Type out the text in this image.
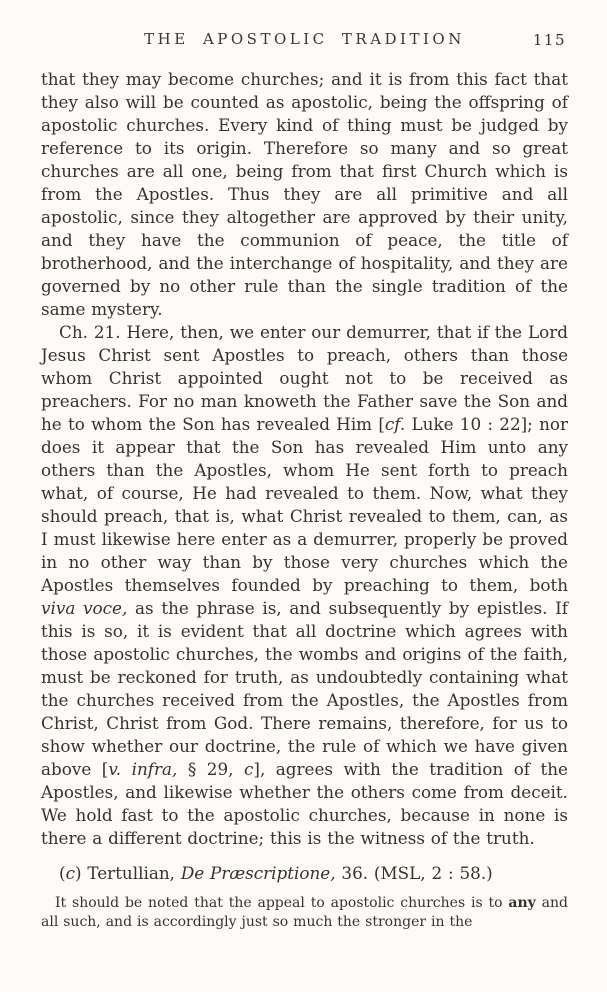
THE APOSTOLIC TRADITION	115

that they may become churches; and it is from this fact that they also will be counted as apostolic, being the offspring of apostolic churches. Every kind of thing must be judged by reference to its origin. Therefore so many and so great churches are all one, being from that first Church which is from the Apostles. Thus they are all primitive and all apostolic, since they altogether are approved by their unity, and they have the communion of peace, the title of brotherhood, and the interchange of hospitality, and they are governed by no other rule than the single tradition of the same mystery.

Ch. 21. Here, then, we enter our demurrer, that if the Lord Jesus Christ sent Apostles to preach, others than those whom Christ appointed ought not to be received as preachers. For no man knoweth the Father save the Son and he to whom the Son has revealed Him [cf. Luke 10 : 22]; nor does it appear that the Son has revealed Him unto any others than the Apostles, whom He sent forth to preach what, of course, He had revealed to them. Now, what they should preach, that is, what Christ revealed to them, can, as I must likewise here enter as a demurrer, properly be proved in no other way than by those very churches which the Apostles themselves founded by preaching to them, both viva voce, as the phrase is, and subsequently by epistles. If this is so, it is evident that all doctrine which agrees with those apostolic churches, the wombs and origins of the faith, must be reckoned for truth, as undoubtedly containing what the churches received from the Apostles, the Apostles from Christ, Christ from God. There remains, therefore, for us to show whether our doctrine, the rule of which we have given above [v. infra, § 29, c], agrees with the tradition of the Apostles, and likewise whether the others come from deceit. We hold fast to the apostolic churches, because in none is there a different doctrine; this is the witness of the truth.

(c) Tertullian, De Præscriptione, 36. (MSL, 2 : 58.)

It should be noted that the appeal to apostolic churches is to any and all such, and is accordingly just so much the stronger in the
